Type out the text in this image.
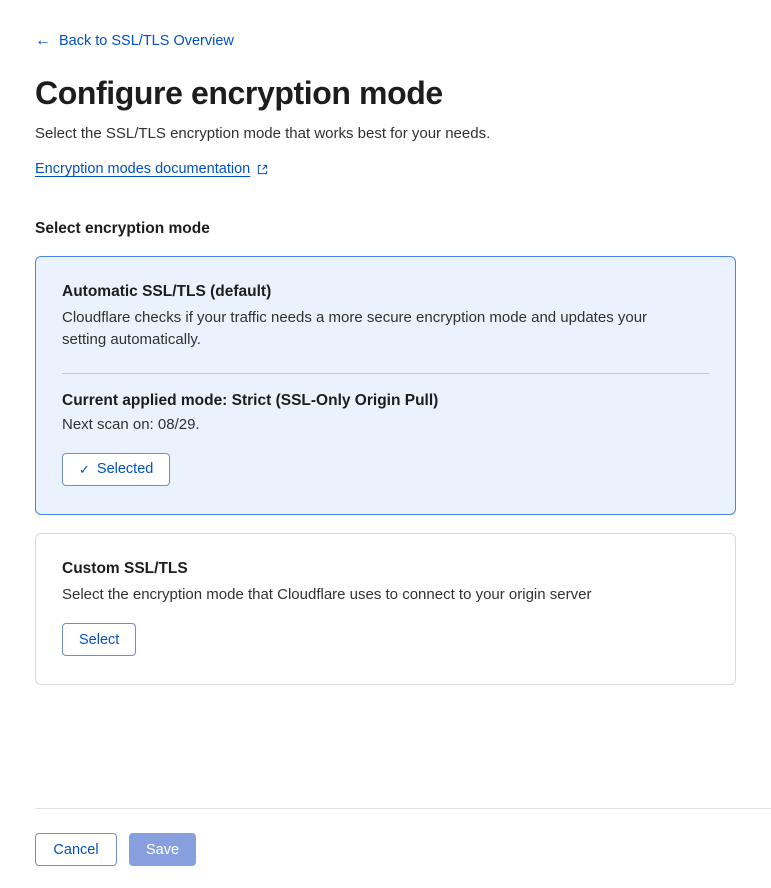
← Back to SSL/TLS Overview
Configure encryption mode

Select the SSL/TLS encryption mode that works best for your needs.

Encryption modes documentation
Select encryption mode
Automatic SSL/TLS (default)

Cloudflare checks if your traffic needs a more secure encryption mode and updates your setting automatically.

Current applied mode: Strict (SSL-Only Origin Pull)

Next scan on: 08/29.

✓ Selected
Custom SSL/TLS

Select the encryption mode that Cloudflare uses to connect to your origin server

Select
Cancel	Save
